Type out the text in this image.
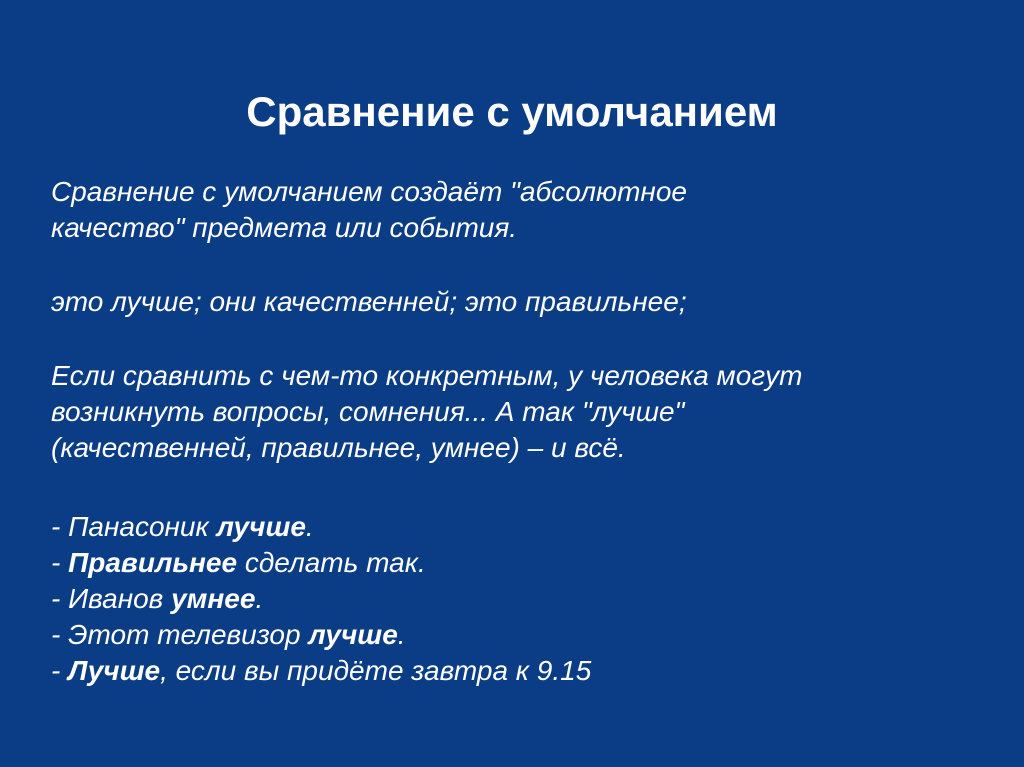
Сравнение с умолчанием
Сравнение с умолчанием создаёт "абсолютное
качество" предмета или события.
это лучше; они качественней; это правильнее;
Если сравнить с чем-то конкретным, у человека могут
возникнуть вопросы, сомнения... А так "лучше"
(качественней, правильнее, умнее) – и всё.
- Панасоник лучше.
- Правильнее сделать так.
- Иванов умнее.
- Этот телевизор лучше.
- Лучше, если вы придёте завтра к 9.15
